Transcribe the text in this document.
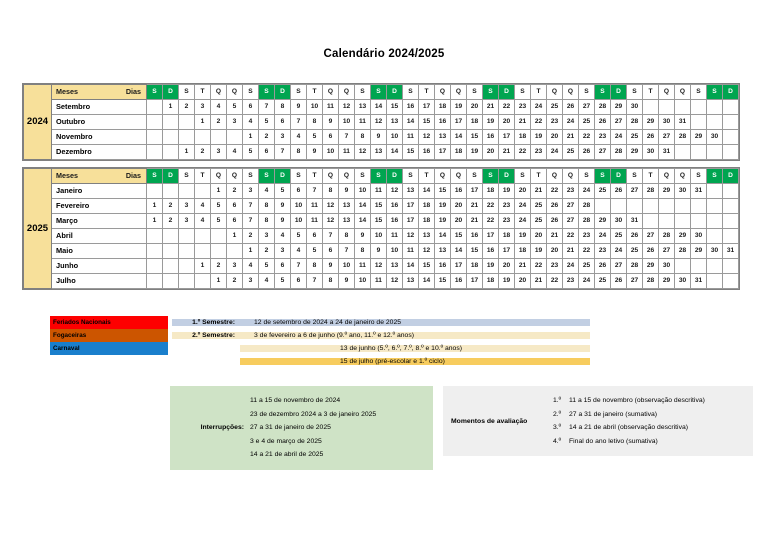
Calendário 2024/2025
2024	Meses Dias	S	D	S	T	Q	Q	S	S	D	S	T	Q	Q	S	S	D	S	T	Q	Q	S	S	D	S	T	Q	Q	S	S	D	S	T	Q	Q	S	S	D
	Setembro		1	2	3	4	5	6	7	8	9	10	11	12	13	14	15	16	17	18	19	20	21	22	23	24	25	26	27	28	29	30						
	Outubro				1	2	3	4	5	6	7	8	9	10	11	12	13	14	15	16	17	18	19	20	21	22	23	24	25	26	27	28	29	30	31			
	Novembro							1	2	3	4	5	6	7	8	9	10	11	12	13	14	15	16	17	18	19	20	21	22	23	24	25	26	27	28	29	30	
	Dezembro			1	2	3	4	5	6	7	8	9	10	11	12	13	14	15	16	17	18	19	20	21	22	23	24	25	26	27	28	29	30	31				
2025	Meses Dias	S	D	S	T	Q	Q	S	S	D	S	T	Q	Q	S	S	D	S	T	Q	Q	S	S	D	S	T	Q	Q	S	S	D	S	T	Q	Q	S	S	D
	Janeiro					1	2	3	4	5	6	7	8	9	10	11	12	13	14	15	16	17	18	19	20	21	22	23	24	25	26	27	28	29	30	31		
	Fevereiro	1	2	3	4	5	6	7	8	9	10	11	12	13	14	15	16	17	18	19	20	21	22	23	24	25	26	27	28									
	Março	1	2	3	4	5	6	7	8	9	10	11	12	13	14	15	16	17	18	19	20	21	22	23	24	25	26	27	28	29	30	31						
	Abril						1	2	3	4	5	6	7	8	9	10	11	12	13	14	15	16	17	18	19	20	21	22	23	24	25	26	27	28	29	30		
	Maio							1	2	3	4	5	6	7	8	9	10	11	12	13	14	15	16	17	18	19	20	21	22	23	24	25	26	27	28	29	30	31
	Junho				1	2	3	4	5	6	7	8	9	10	11	12	13	14	15	16	17	18	19	20	21	22	23	24	25	26	27	28	29	30				
	Julho					1	2	3	4	5	6	7	8	9	10	11	12	13	14	15	16	17	18	19	20	21	22	23	24	25	26	27	28	29	30	31		
Feriados Nacionais
Fogaceiras
Carnaval
1.º Semestre:	12 de setembro de 2024 a 24 de janeiro de 2025
2.º Semestre:	3 de fevereiro a 6 de junho (9.º ano, 11.º e 12.º anos)
13 de junho (5.º, 6.º, 7.º, 8.º e 10.º anos)
15 de julho (pré-escolar e 1.º ciclo)
Interrupções:
11 a 15 de novembro de 2024
23 de dezembro 2024 a 3 de janeiro 2025
27 a 31 de janeiro de 2025
3 e 4 de março de 2025
14 a 21 de abril de 2025
Momentos de avaliação
1.º	11 a 15 de novembro (observação descritiva)
2.º	27 a 31 de janeiro (sumativa)
3.º	14 a 21 de abril (observação descritiva)
4.º	Final do ano letivo (sumativa)
